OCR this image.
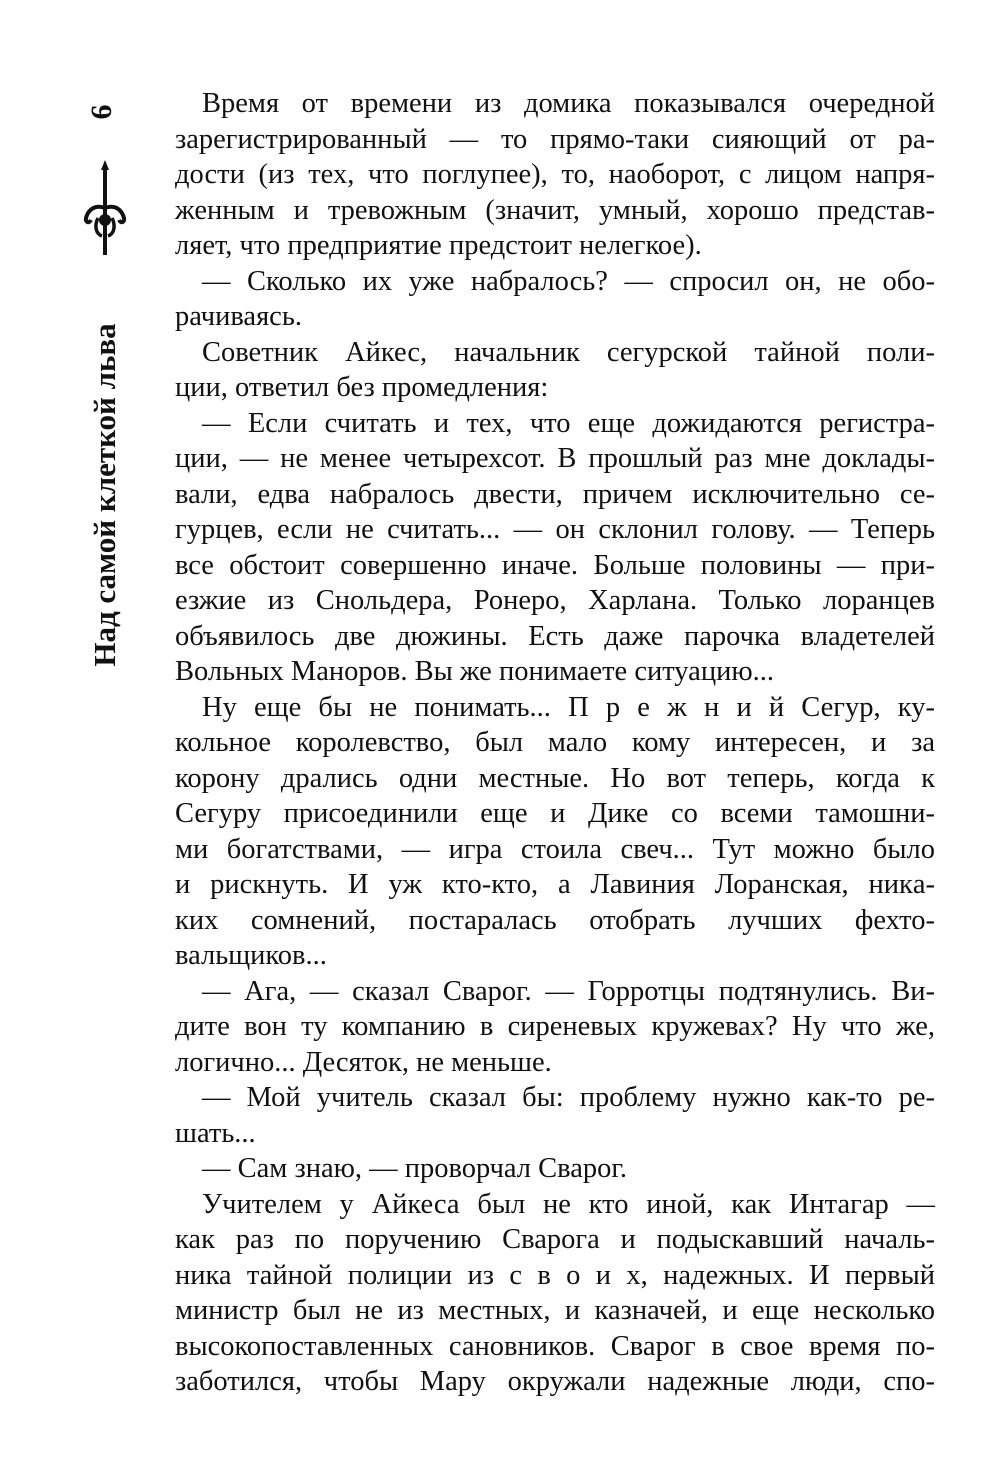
6
Над самой клеткой льва
Время от времени из домика показывался очередной
зарегистрированный — то прямо-таки сияющий от ра-
дости (из тех, что поглупее), то, наоборот, с лицом напря-
женным и тревожным (значит, умный, хорошо представ-
ляет, что предприятие предстоит нелегкое).
— Сколько их уже набралось? — спросил он, не обо-
рачиваясь.
Советник Айкес, начальник сегурской тайной поли-
ции, ответил без промедления:
— Если считать и тех, что еще дожидаются регистра-
ции, — не менее четырехсот. В прошлый раз мне доклады-
вали, едва набралось двести, причем исключительно се-
гурцев, если не считать... — он склонил голову. — Теперь
все обстоит совершенно иначе. Больше половины — при-
езжие из Снольдера, Ронеро, Харлана. Только лоранцев
объявилось две дюжины. Есть даже парочка владетелей
Вольных Маноров. Вы же понимаете ситуацию...
Ну еще бы не понимать... П р е ж н и й Сегур, ку-
кольное королевство, был мало кому интересен, и за
корону дрались одни местные. Но вот теперь, когда к
Сегуру присоединили еще и Дике со всеми тамошни-
ми богатствами, — игра стоила свеч... Тут можно было
и рискнуть. И уж кто-кто, а Лавиния Лоранская, никa-
ких сомнений, постаралась отобрать лучших фехто-
вальщиков...
— Ага, — сказал Сварог. — Горротцы подтянулись. Ви-
дите вон ту компанию в сиреневых кружевах? Ну что же,
логично... Десяток, не меньше.
— Мой учитель сказал бы: проблему нужно как-то ре-
шать...
— Сам знаю, — проворчал Сварог.
Учителем у Айкеса был не кто иной, как Интагар —
как раз по поручению Сварога и подыскавший началь-
ника тайной полиции из с в о и х, надежных. И первый
министр был не из местных, и казначей, и еще несколько
высокопоставленных сановников. Сварог в свое время по-
заботился, чтобы Мару окружали надежные люди, спо-
